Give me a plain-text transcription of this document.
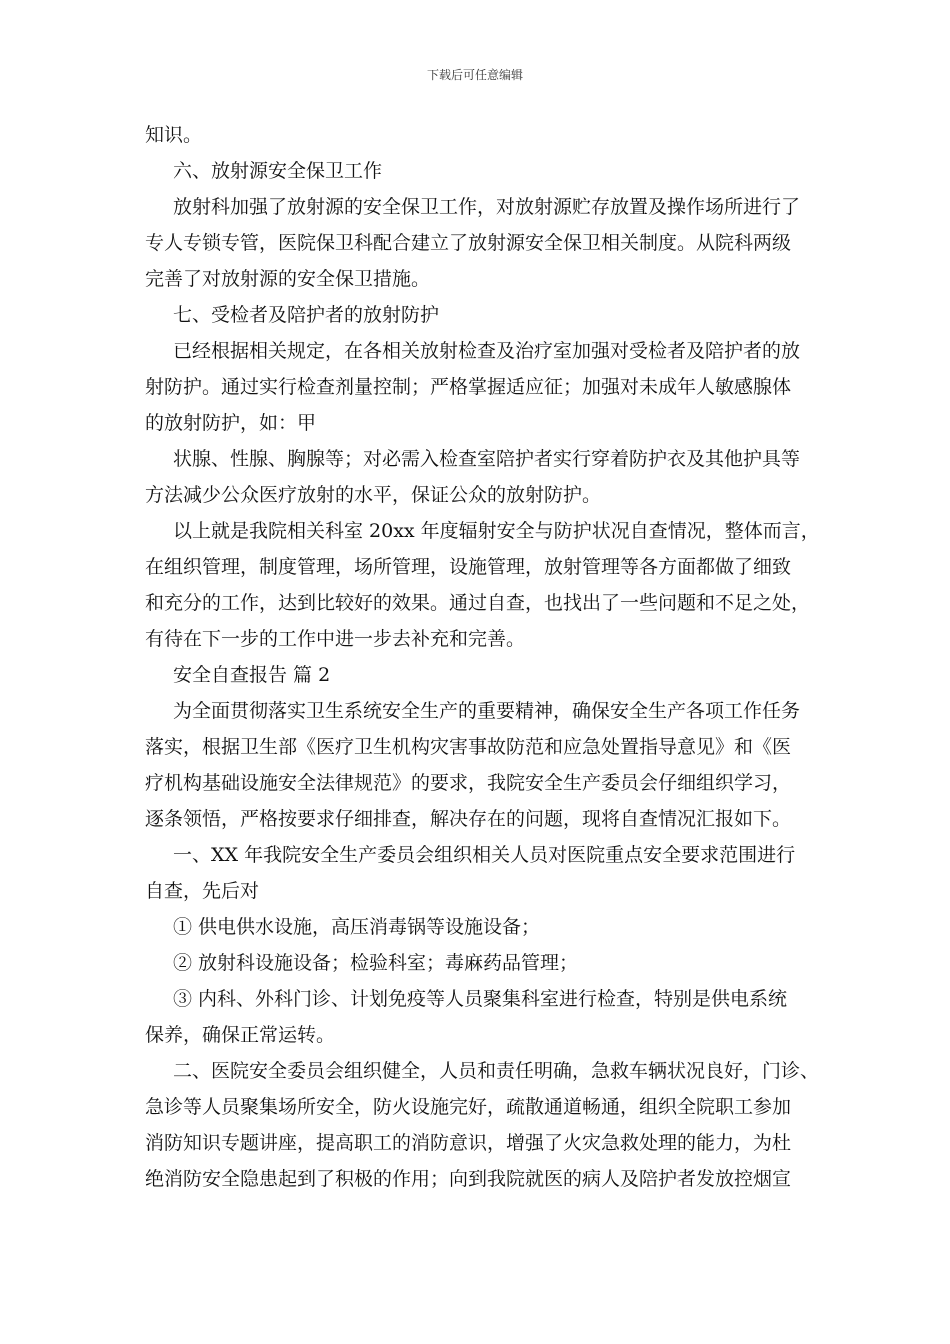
下载后可任意编辑
知识。
六、放射源安全保卫工作
放射科加强了放射源的安全保卫工作，对放射源贮存放置及操作场所进行了
专人专锁专管，医院保卫科配合建立了放射源安全保卫相关制度。从院科两级
完善了对放射源的安全保卫措施。
七、受检者及陪护者的放射防护
已经根据相关规定，在各相关放射检查及治疗室加强对受检者及陪护者的放
射防护。通过实行检查剂量控制；严格掌握适应征；加强对未成年人敏感腺体
的放射防护，如：甲
状腺、性腺、胸腺等；对必需入检查室陪护者实行穿着防护衣及其他护具等
方法减少公众医疗放射的水平，保证公众的放射防护。
以上就是我院相关科室 20xx 年度辐射安全与防护状况自查情况，整体而言，
在组织管理，制度管理，场所管理，设施管理，放射管理等各方面都做了细致
和充分的工作，达到比较好的效果。通过自查，也找出了一些问题和不足之处，
有待在下一步的工作中进一步去补充和完善。
安全自查报告 篇 2
为全面贯彻落实卫生系统安全生产的重要精神，确保安全生产各项工作任务
落实，根据卫生部《医疗卫生机构灾害事故防范和应急处置指导意见》和《医
疗机构基础设施安全法律规范》的要求，我院安全生产委员会仔细组织学习，
逐条领悟，严格按要求仔细排查，解决存在的问题，现将自查情况汇报如下。
一、XX 年我院安全生产委员会组织相关人员对医院重点安全要求范围进行
自查，先后对
① 供电供水设施，高压消毒锅等设施设备；
② 放射科设施设备；检验科室；毒麻药品管理；
③ 内科、外科门诊、计划免疫等人员聚集科室进行检查，特别是供电系统
保养，确保正常运转。
二、医院安全委员会组织健全，人员和责任明确，急救车辆状况良好，门诊、
急诊等人员聚集场所安全，防火设施完好，疏散通道畅通，组织全院职工参加
消防知识专题讲座，提高职工的消防意识，增强了火灾急救处理的能力，为杜
绝消防安全隐患起到了积极的作用；向到我院就医的病人及陪护者发放控烟宣
